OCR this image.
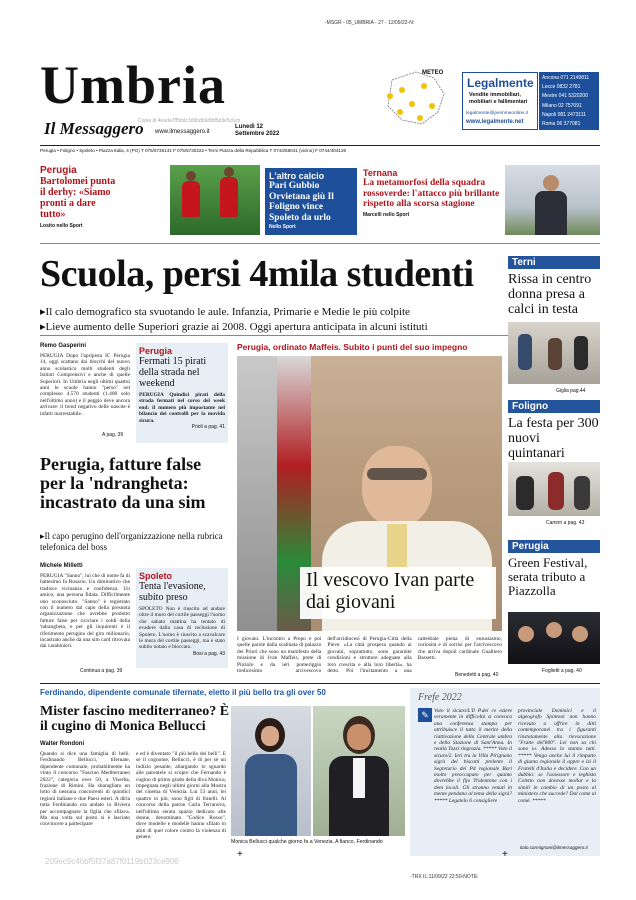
-MSGR - 05_UMBRIA - 27 - 12/09/22-N:
Umbria
Il Messaggero
Copia di 4eada7ff5bdc3d9bdb6dfbf5d3e5c6cb
www.ilmessaggero.it
Lunedì 12
Settembre 2022
METEO
Legalmente
Vendite immobiliari,
mobiliari e fallimentari
legalmente@piemmeonline.it
www.legalmente.net
Ancona 071 2149811
Lecce 0832 2781
Mestre 041 5320200
Milano 02 757091
Napoli 081 2473111
Roma 06 377081
Perugia • Foligno • Spoleto • Piazza Italia, 4 (PG) T 075/5736141 F 075/5730222 • Terni Piazza della Repubblica T 0744/58041 (vicino) F 0744/404126
Perugia
Bartolomei punta il derby: «Siamo pronti a dare tutto»
Losito nello Sport
L'altro calcio
Pari Gubbio Orvietana giù Il Foligno vince Spoleto da urlo
Nello Sport
Ternana
La metamorfosi della squadra rossoverde: l'attacco più brillante rispetto alla scorsa stagione
Marcelli nello Sport
Scuola, persi 4mila studenti
▸Il calo demografico sta svuotando le aule. Infanzia, Primarie e Medie le più colpite
▸Lieve aumento delle Superiori grazie ai 2008. Oggi apertura anticipata in alcuni istituti
Remo Gasperini
PERUGIA Dopo l'apripista IC Perugia 14, oggi scattano dai blocchi del nuovo anno scolastico molti studenti degli Istituti Comprensivi e anche di quelle Superiori. In Umbria negli ultimi quattro anni le scuole hanno "perso" nel complesso 4.570 studenti (1.400 solo nell'ultimo anno) e il peggio deve ancora arrivare: il trend negativo delle nascite è infatti inarrestabile.
A pag. 39
Perugia
Fermati 15 pirati della strada nel weekend
PERUGIA Quindici pirati della strada fermati nel corso del week end: il numero più importante nel bilancio dei controlli per la movida sicura.
Prioli a pag. 41
Perugia, fatture false per la 'ndrangheta: incastrato da una sim
▸Il capo perugino dell'organizzazione nella rubrica telefonica del boss
Michele Milletti
PERUGIA "Sanno", lui che di nome fa di battesimo fa Rosario. Un diminutivo che tradisce vicinanza e confidenza. Un amico, una persona fidata. Difficilmente uno sconosciuto. "Sanno" è registrato con il numero dal capo della presunta organizzazione che avrebbe prodotto fatture false per riciclare i soldi della 'ndrangheta, e per gli inquirenti è il riferimento perugino del giro milionario, incastrato anche da una sim card ritrovata dai carabinieri.
Continua a pag. 39
Spoleto
Tenta l'evasione, subito preso
SPOLETO Non è riuscito ad andare oltre il muro del cortile passeggi l'uomo che sabato mattina ha tentato di evadere dalla casa di reclusione di Spoleto. L'uomo è riuscito a scavalcare le mura del cortile passeggi, ma è stato subito notato e bloccato.
Bosi a pag. 43
Perugia, ordinato Maffeis. Subito i punti del suo impegno
Il vescovo Ivan parte dai giovani
I giovani. L'incontro a Prepo e poi quelle parole dalla scalinata di palazzo dei Priori che sono un manifesto della missione di Ivan Maffeis, prete di Pinzolo e da ieri pomeriggio tredicesimo arcivescovo dell'arcidiocesi di Perugia-Città della Pieve. «La città prospera quando ai giovani, soprattutto, sono garantite condizioni e strutture adeguate alla loro crescita e alla loro libertà», ha detto. Poi l'incitamento a una cattedrale piena di entusiasmo, curiosità e di sorrisi per l'arcivescovo che arriva dopoil cardinale Gualtiero Bassetti.
Benedetti a pag. 40
Terni
Rissa in centro donna presa a calci in testa
Giglia pag.44
Foligno
La festa per 300 nuovi quintanari
Camirri a pag. 43
Perugia
Green Festival, serata tributo a Piazzolla
Foglietti a pag. 40
Ferdinando, dipendente comunale tifernate, eletto il più bello tra gli over 50
Mister fascino mediterraneo? È il cugino di Monica Bellucci
Walter Rondoni
Quando si dice una famiglia di belli. Ferdinando Bellucci, tifernate, dipendente comunale, probabilmente ha vinto il concorso "Fascino Mediterraneo 2022", categoria over 50, a Viserba, frazione di Rimini. Ha sbaragliato un lotto di nessuna concorrenti di quindici regioni italiane e due Paesi esteri. A dirla tutta Ferdinando era andato in Riviera per accompagnare la figlia che sfilava. Ma una volta sul posto si è lasciato convincere a partecipare
e ed è diventato "il più bello dei belli". E se il cognome, Bellucci, è di per sé un indizio pesante, allargando lo sguardo alle parentele si scopre che Fernando è cugino di primo grado della diva Monica, impegnata negli ultimi giorni alla Mostra del cinema di Venezia. Lui 53 anni, lei quattro in più, sono figli di fratelli. Al concorso della patron Carla Terranova, nell'ultima serata spazio dedicato alle donne, denominato "Codice Rosso", dove modelle e modelle hanno sfilato in abiti di quel colore contro la violenza di genere.
Monica Bellucci qualche giorno fa a Venezia. A fianco, Ferdinando
Frefe 2022
✎ Voto il sicuro/L'Il P.dei ce eziere veramente in difficoltà si convoca una conferenza stampa per attribuisce il tutto il merito della riattivazione della Centrale umbra e della Stazione di Sant'Anna. In realtà Tozzi ringrazia. ***** Voto il sicuro/2. Ieri tra la Villa Pirignano sigrà del biscotti prelente il Segretario dei Pd regionale Bori molto preoccupato per quanto dovrebbe il fijo Tridentone con i dem locali. Gli stranno venuti in mente pendano al tema della sigrà? ***** Legatelo li consigliere
provinciale Dominici e il algeografo Spintoni non hanno ricevuto a offrire in ditti contemporanei tra i figuranti rinstatamente alla rievocazione "Fratte del'800". Lei non sa chi sono io. Adesso lo stanno tutti. ***** Venga anche lui il rimpatto di giunta regionale il appre e lsi il Fratelli d'Italia e decidere. Con un dubbio: se l'assessore e leghista Coletto non dovesse mollar e la simili in cambio di un posto al ministero che succede? Dal come al comé. *****
italo.carmignani@ilmessaggero.it
209ec9c46bf5f37a87f0119b023ce906
+
+
-TRX IL:11/09/22 22:50-NOTE:
